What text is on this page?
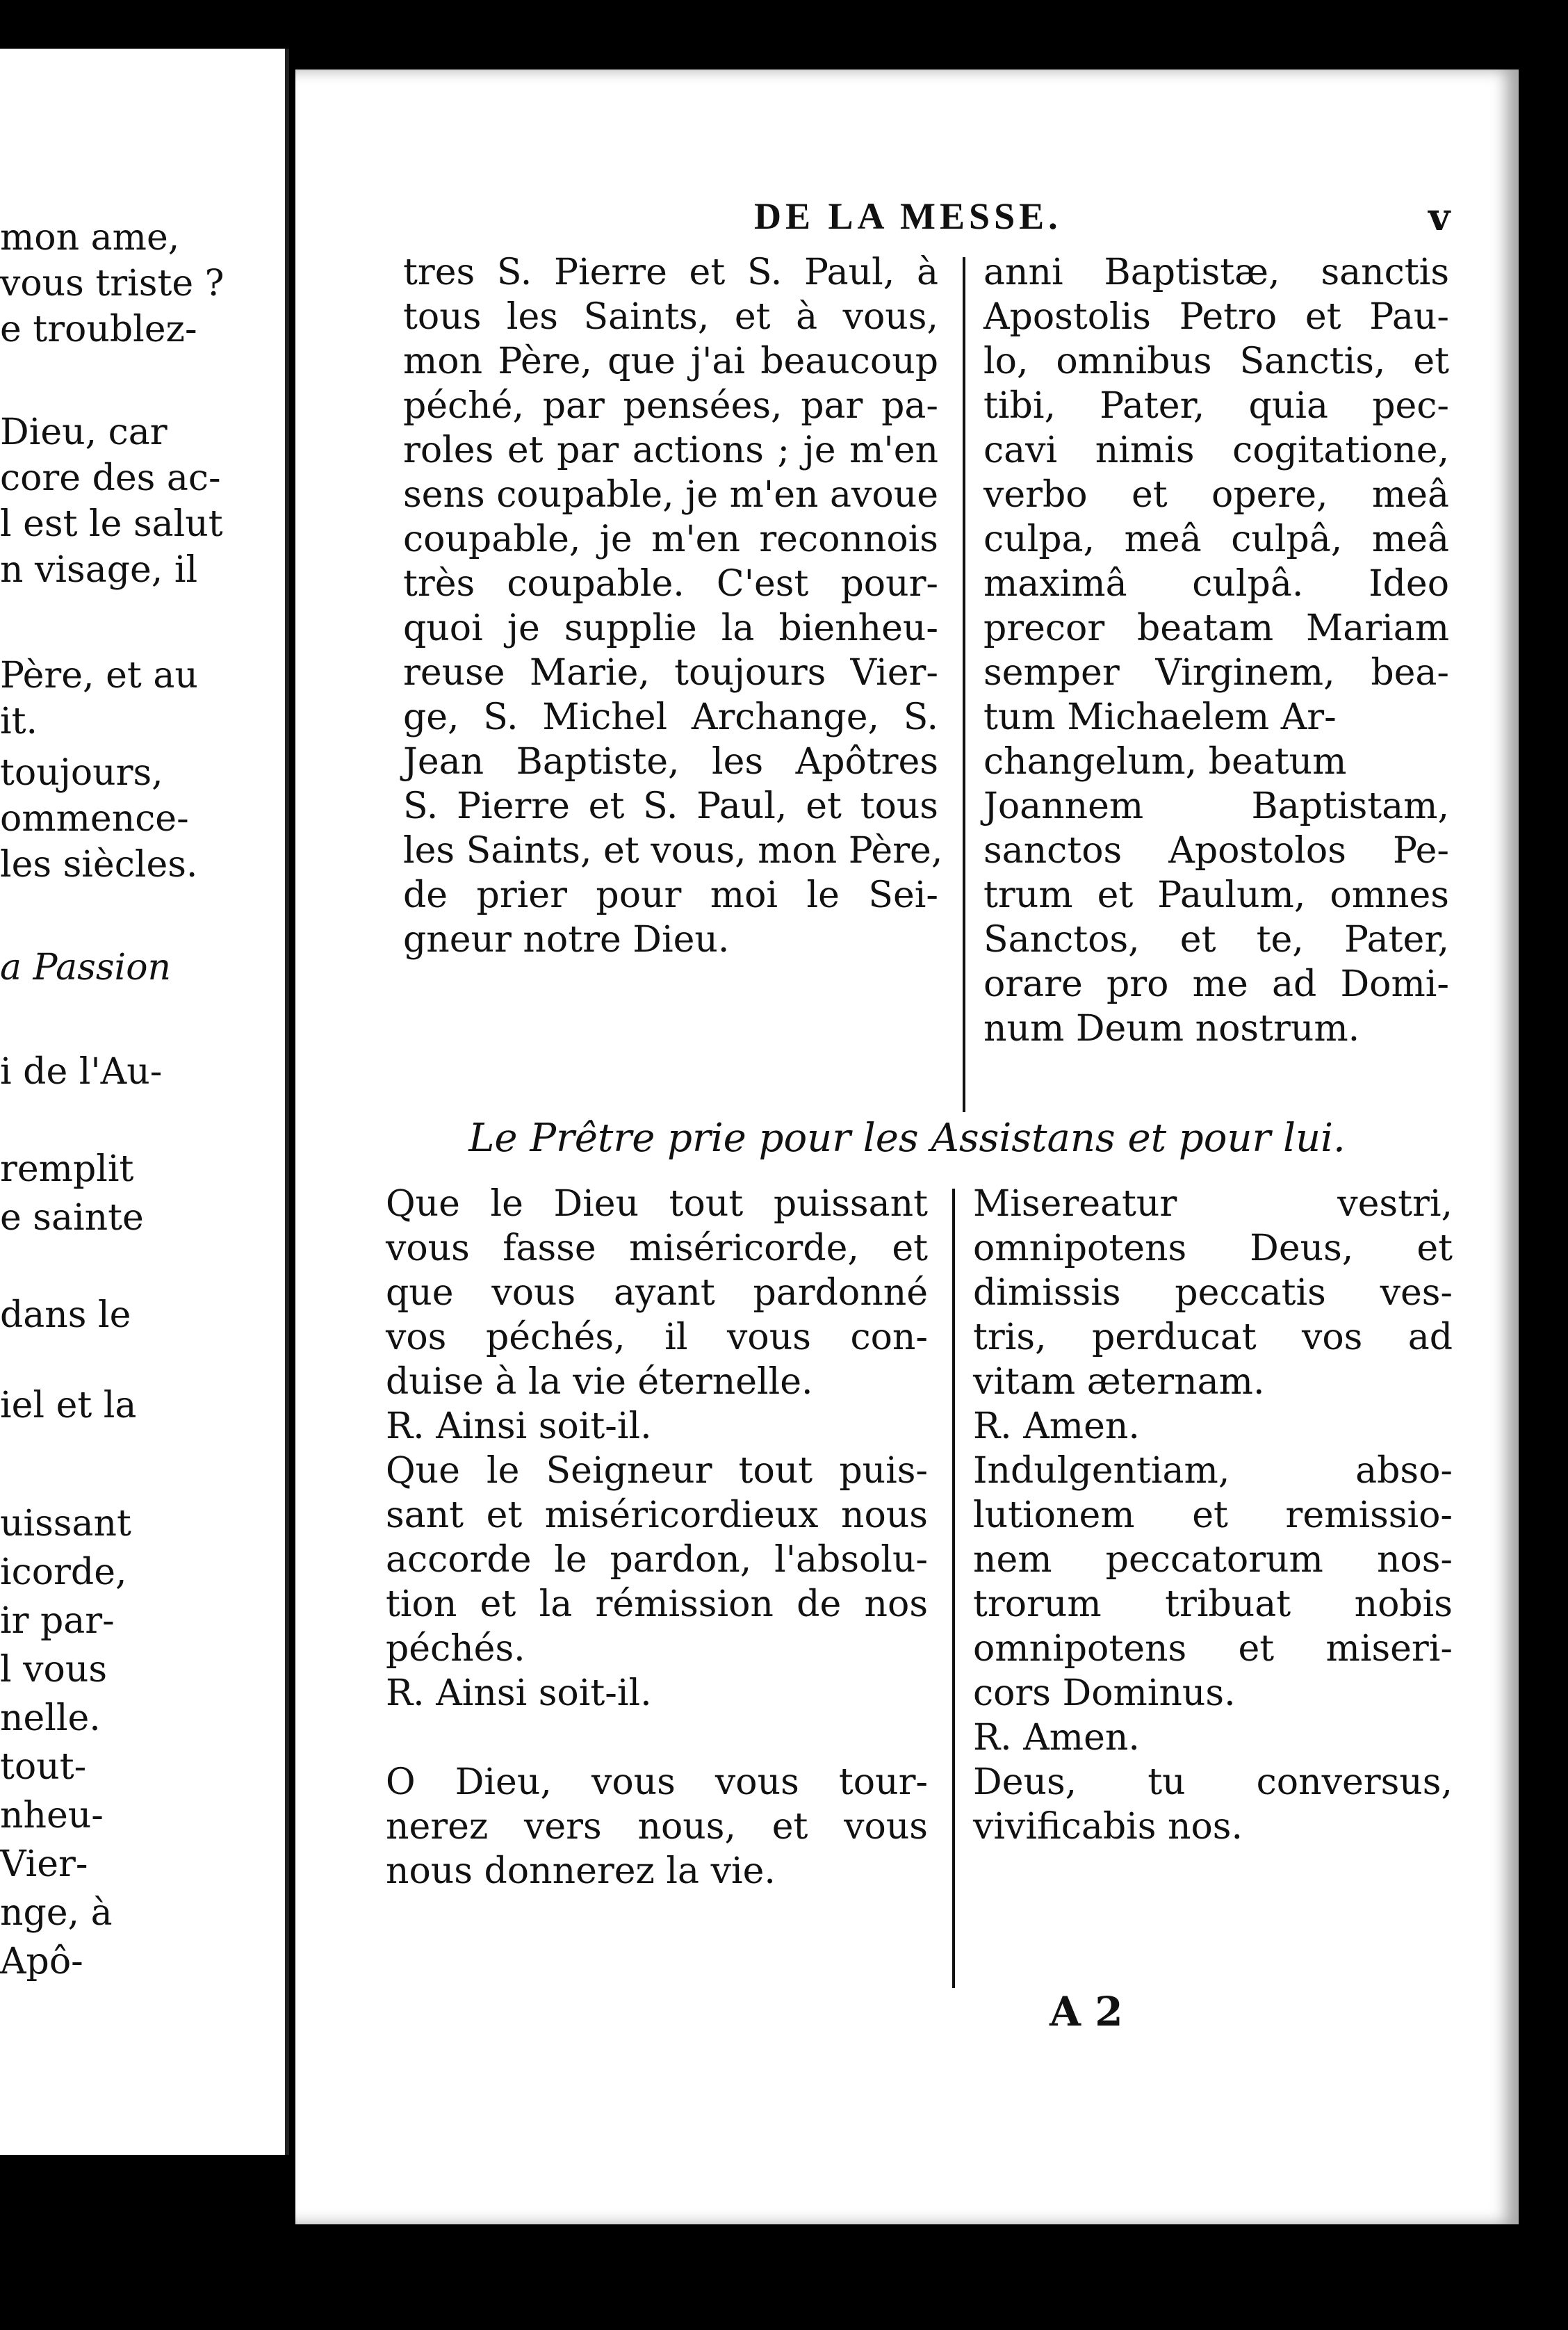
mon ame,
vous triste ?
e troublez-
Dieu, car
core des ac-
l est le salut
n visage, il
Père, et au
it.
toujours,
ommence-
les siècles.
a Passion
i de l'Au-
remplit
e sainte
dans le
iel et la
uissant
icorde,
ir par-
l vous
nelle.
tout-
nheu-
Vier-
nge, à
Apô-
DE LA MESSE.	v
tres S. Pierre et S. Paul, à
tous les Saints, et à vous,
mon Père, que j'ai beaucoup
péché, par pensées, par pa-
roles et par actions ; je m'en
sens coupable, je m'en avoue
coupable, je m'en reconnois
très coupable. C'est pour-
quoi je supplie la bienheu-
reuse Marie, toujours Vier-
ge, S. Michel Archange, S.
Jean Baptiste, les Apôtres
S. Pierre et S. Paul, et tous
les Saints, et vous, mon Père,
de prier pour moi le Sei-
gneur notre Dieu.
anni Baptistæ, sanctis
Apostolis Petro et Pau-
lo, omnibus Sanctis, et
tibi, Pater, quia pec-
cavi nimis cogitatione,
verbo et opere, meâ
culpa, meâ culpâ, meâ
maximâ culpâ. Ideo
precor beatam Mariam
semper Virginem, bea-
tum Michaelem Ar-
changelum, beatum
Joannem Baptistam,
sanctos Apostolos Pe-
trum et Paulum, omnes
Sanctos, et te, Pater,
orare pro me ad Domi-
num Deum nostrum.
Le Prêtre prie pour les Assistans et pour lui.
Que le Dieu tout puissant
vous fasse miséricorde, et
que vous ayant pardonné
vos péchés, il vous con-
duise à la vie éternelle.
R. Ainsi soit-il.
Que le Seigneur tout puis-
sant et miséricordieux nous
accorde le pardon, l'absolu-
tion et la rémission de nos
péchés.
R. Ainsi soit-il.

O Dieu, vous vous tour-
nerez vers nous, et vous
nous donnerez la vie.
Misereatur vestri,
omnipotens Deus, et
dimissis peccatis ves-
tris, perducat vos ad
vitam æternam.
R. Amen.
Indulgentiam, abso-
lutionem et remissio-
nem peccatorum nos-
trorum tribuat nobis
omnipotens et miseri-
cors Dominus.
R. Amen.
Deus, tu conversus,
vivificabis nos.
A 2
